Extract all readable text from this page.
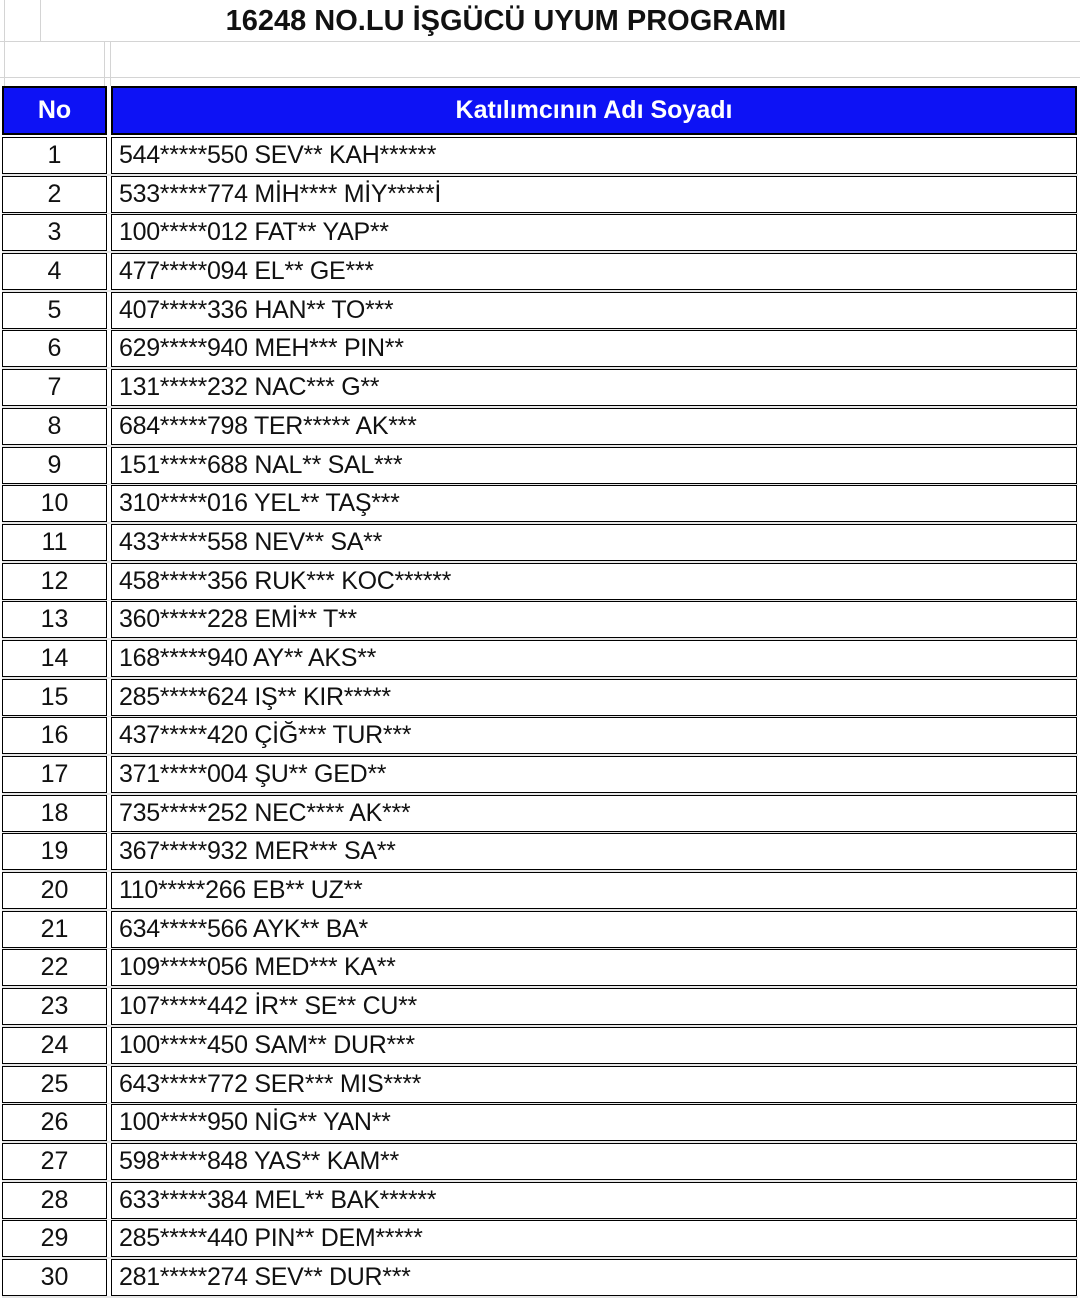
16248 NO.LU İŞGÜCÜ UYUM PROGRAMI
No	Katılımcının Adı Soyadı
1	544*****550 SEV** KAH******
2	533*****774 MİH**** MİY*****İ
3	100*****012 FAT** YAP**
4	477*****094 EL** GE***
5	407*****336 HAN** TO***
6	629*****940 MEH*** PIN**
7	131*****232 NAC*** G**
8	684*****798 TER***** AK***
9	151*****688 NAL** SAL***
10	310*****016 YEL** TAŞ***
11	433*****558 NEV** SA**
12	458*****356 RUK*** KOC******
13	360*****228 EMİ** T**
14	168*****940 AY** AKS**
15	285*****624 IŞ** KIR*****
16	437*****420 ÇİĞ*** TUR***
17	371*****004 ŞU** GED**
18	735*****252 NEC**** AK***
19	367*****932 MER*** SA**
20	110*****266 EB** UZ**
21	634*****566 AYK** BA*
22	109*****056 MED*** KA**
23	107*****442 İR** SE** CU**
24	100*****450 SAM** DUR***
25	643*****772 SER*** MIS****
26	100*****950 NİG** YAN**
27	598*****848 YAS** KAM**
28	633*****384 MEL** BAK******
29	285*****440 PIN** DEM*****
30	281*****274 SEV** DUR***
